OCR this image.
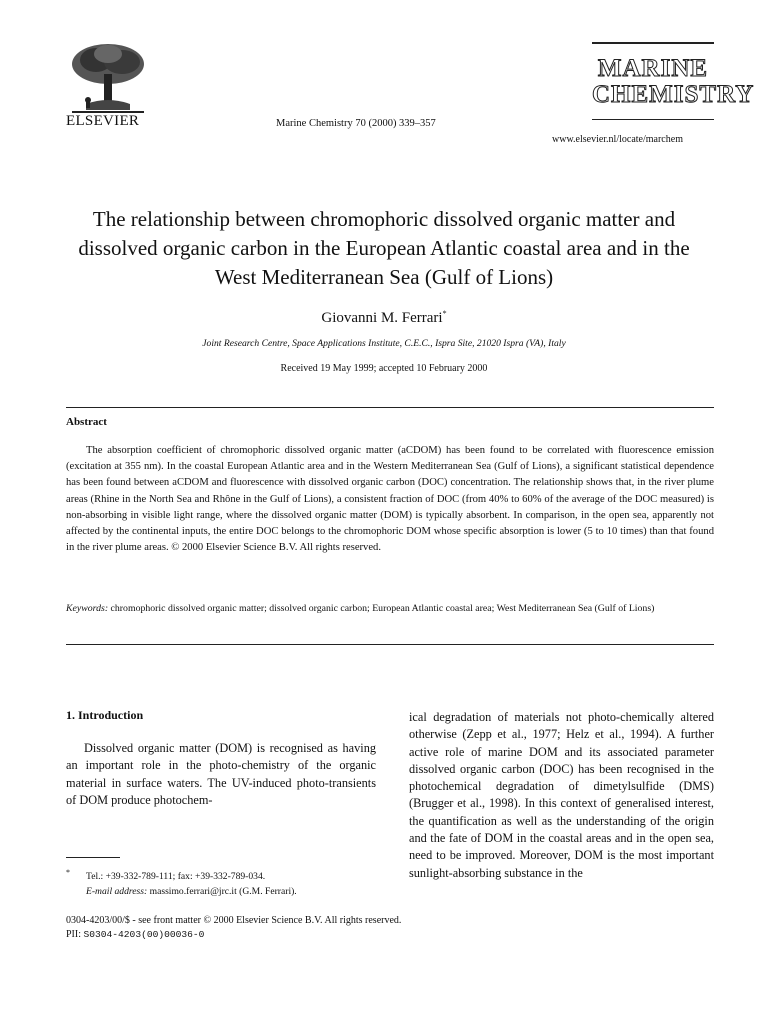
ELSEVIER	Marine Chemistry 70 (2000) 339–357
MARINE
CHEMISTRY
www.elsevier.nl/locate/marchem
The relationship between chromophoric dissolved organic matter and dissolved organic carbon in the European Atlantic coastal area and in the West Mediterranean Sea (Gulf of Lions)
Giovanni M. Ferrari*
Joint Research Centre, Space Applications Institute, C.E.C., Ispra Site, 21020 Ispra (VA), Italy
Received 19 May 1999; accepted 10 February 2000
Abstract

The absorption coefficient of chromophoric dissolved organic matter (aCDOM) has been found to be correlated with fluorescence emission (excitation at 355 nm). In the coastal European Atlantic area and in the Western Mediterranean Sea (Gulf of Lions), a significant statistical dependence has been found between aCDOM and fluorescence with dissolved organic carbon (DOC) concentration. The relationship shows that, in the river plume areas (Rhine in the North Sea and Rhône in the Gulf of Lions), a consistent fraction of DOC (from 40% to 60% of the average of the DOC measured) is non-absorbing in visible light range, where the dissolved organic matter (DOM) is typically absorbent. In comparison, in the open sea, apparently not affected by the continental inputs, the entire DOC belongs to the chromophoric DOM whose specific absorption is lower (5 to 10 times) than that found in the river plume areas. © 2000 Elsevier Science B.V. All rights reserved.

Keywords: chromophoric dissolved organic matter; dissolved organic carbon; European Atlantic coastal area; West Mediterranean Sea (Gulf of Lions)
1. Introduction

Dissolved organic matter (DOM) is recognised as having an important role in the photo-chemistry of the organic material in surface waters. The UV-induced photo-transients of DOM produce photochem-

ical degradation of materials not photo-chemically altered otherwise (Zepp et al., 1977; Helz et al., 1994). A further active role of marine DOM and its associated parameter dissolved organic carbon (DOC) has been recognised in the photochemical degradation of dimetylsulfide (DMS) (Brugger et al., 1998). In this context of generalised interest, the quantification as well as the understanding of the origin and the fate of DOM in the coastal areas and in the open sea, need to be improved. Moreover, DOM is the most important sunlight-absorbing substance in the

* Tel.: +39-332-789-111; fax: +39-332-789-034.
E-mail address: massimo.ferrari@jrc.it (G.M. Ferrari).
0304-4203/00/$ - see front matter © 2000 Elsevier Science B.V. All rights reserved.
PII: S0304-4203(00)00036-0
